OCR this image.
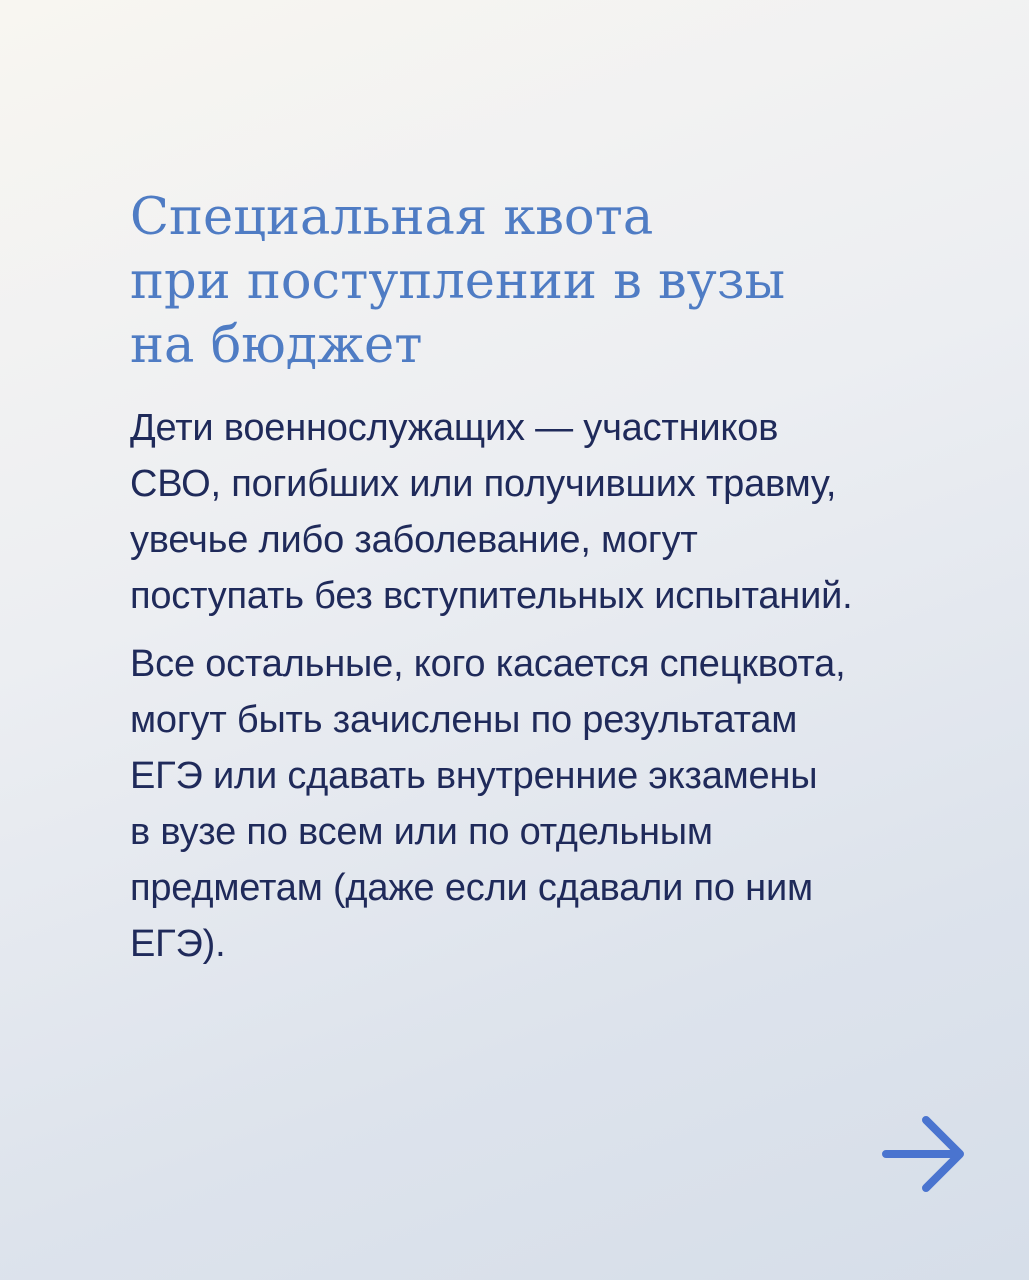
Специальная квота
при поступлении в вузы
на бюджет

Дети военнослужащих — участников
СВО, погибших или получивших травму,
увечье либо заболевание, могут
поступать без вступительных испытаний.

Все остальные, кого касается спецквота,
могут быть зачислены по результатам
ЕГЭ или сдавать внутренние экзамены
в вузе по всем или по отдельным
предметам (даже если сдавали по ним
ЕГЭ).
